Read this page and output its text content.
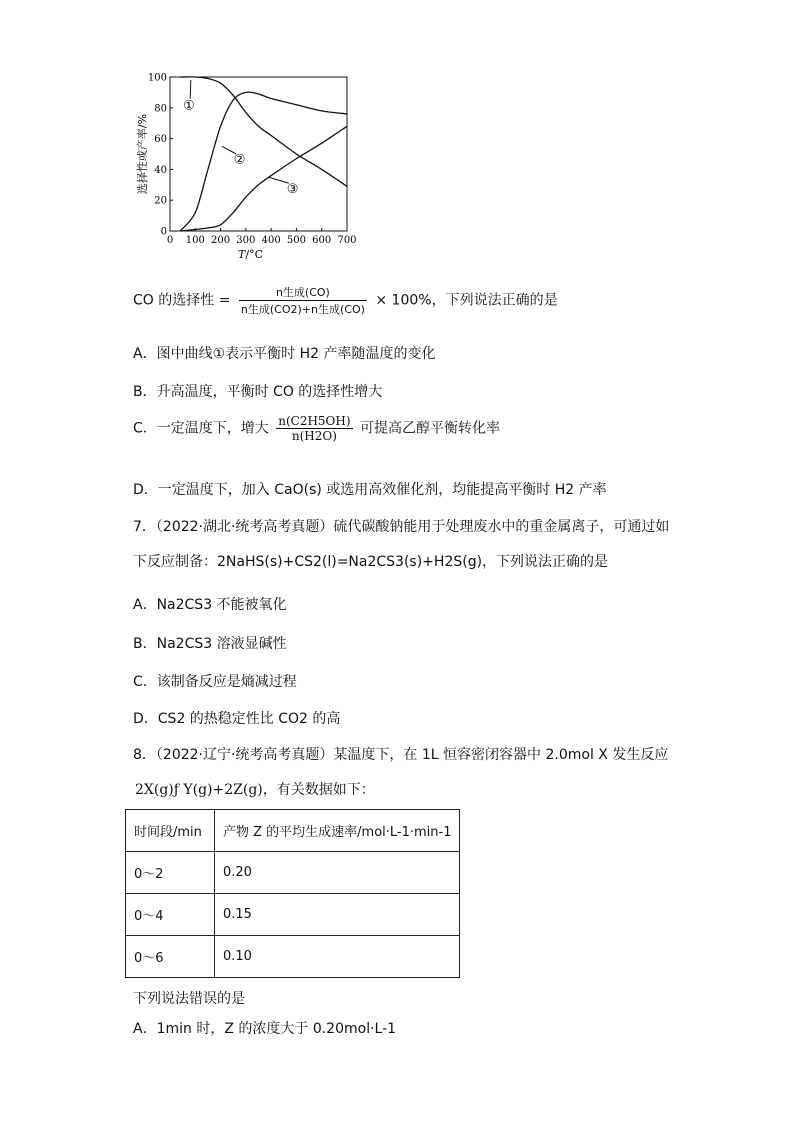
0
20
40
60
80
100
0 100 200 300 400 500 600 700
T/°C
选择性或产率/%
①
②
③
CO 的选择性 = $\frac{\text{n生成(CO)}}{\text{n生成(CO2)+n生成(CO)}} \times 100\%$，下列说法正确的是
A．图中曲线①表示平衡时 H2 产率随温度的变化
B．升高温度，平衡时 CO 的选择性增大
C．一定温度下，增大 $\frac{n(C2H5OH)}{n(H2O)}$ 可提高乙醇平衡转化率
D．一定温度下，加入 CaO(s) 或选用高效催化剂，均能提高平衡时 H2 产率
7．（2022·湖北·统考高考真题）硫代碳酸钠能用于处理废水中的重金属离子，可通过如
下反应制备：2NaHS(s)+CS2(l)=Na2CS3(s)+H2S(g)，下列说法正确的是
A．Na2CS3 不能被氧化
B．Na2CS3 溶液显碱性
C．该制备反应是熵减过程
D．CS2 的热稳定性比 CO2 的高
8．（2022·辽宁·统考高考真题）某温度下，在 1L 恒容密闭容器中 2.0mol X 发生反应
2X(g)ƒ Y(g)+2Z(g)，有关数据如下：
时间段/min	产物 Z 的平均生成速率/mol·L-1·min-1
0～2	0.20
0～4	0.15
0～6	0.10
下列说法错误的是
A．1min 时，Z 的浓度大于 0.20mol·L-1
